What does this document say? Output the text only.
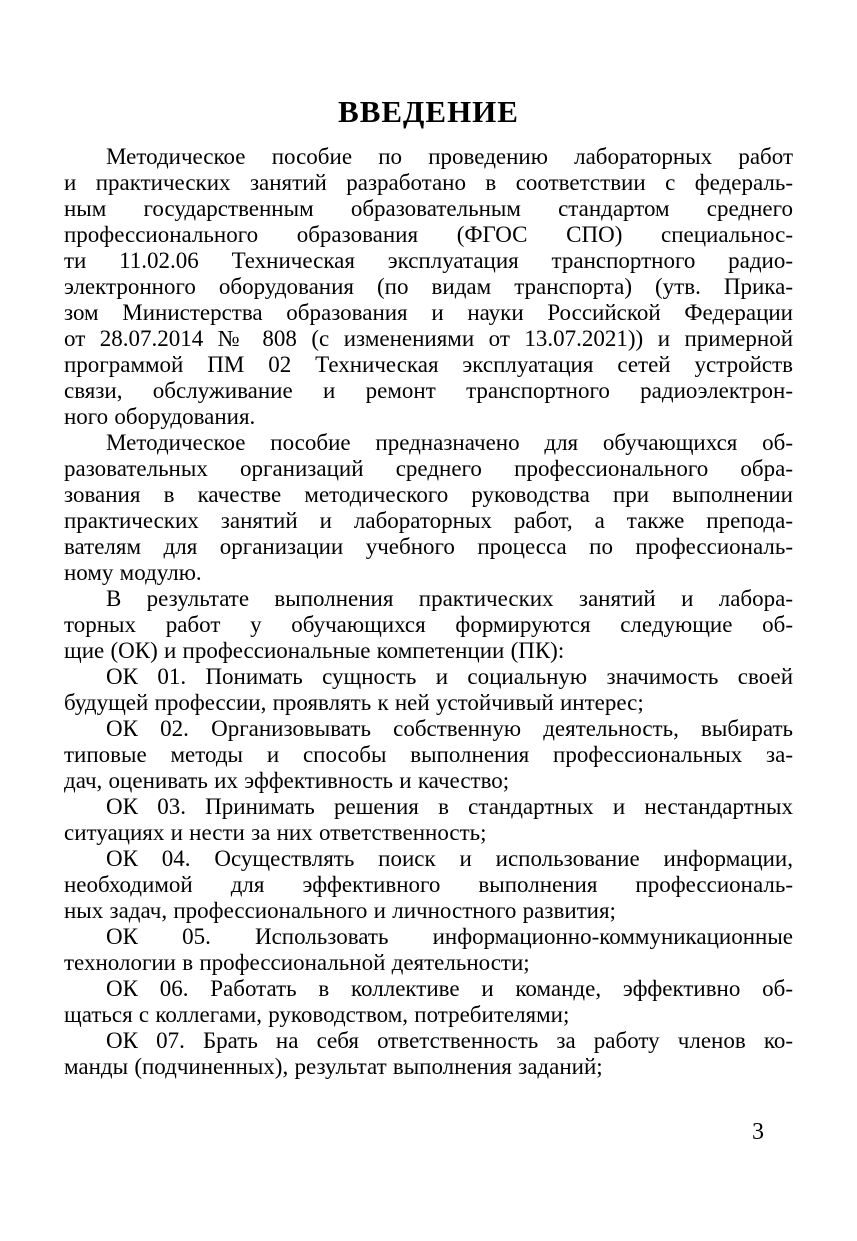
ВВЕДЕНИЕ
Методическое пособие по проведению лабораторных работ
и практических занятий разработано в соответствии с федераль-
ным государственным образовательным стандартом среднего
профессионального образования (ФГОС СПО) специальнос-
ти 11.02.06 Техническая эксплуатация транспортного радио-
электронного оборудования (по видам транспорта) (утв. Прика-
зом Министерства образования и науки Российской Федерации
от 28.07.2014 № 808 (с изменениями от 13.07.2021)) и примерной
программой ПМ 02 Техническая эксплуатация сетей устройств
связи, обслуживание и ремонт транспортного радиоэлектрон-
ного оборудования.
Методическое пособие предназначено для обучающихся об-
разовательных организаций среднего профессионального обра-
зования в качестве методического руководства при выполнении
практических занятий и лабораторных работ, а также препода-
вателям для организации учебного процесса по профессиональ-
ному модулю.
В результате выполнения практических занятий и лабора-
торных работ у обучающихся формируются следующие об-
щие (ОК) и профессиональные компетенции (ПК):
ОК 01. Понимать сущность и социальную значимость своей
будущей профессии, проявлять к ней устойчивый интерес;
ОК 02. Организовывать собственную деятельность, выбирать
типовые методы и способы выполнения профессиональных за-
дач, оценивать их эффективность и качество;
ОК 03. Принимать решения в стандартных и нестандартных
ситуациях и нести за них ответственность;
ОК 04. Осуществлять поиск и использование информации,
необходимой для эффективного выполнения профессиональ-
ных задач, профессионального и личностного развития;
ОК 05. Использовать информационно-коммуникационные
технологии в профессиональной деятельности;
ОК 06. Работать в коллективе и команде, эффективно об-
щаться с коллегами, руководством, потребителями;
ОК 07. Брать на себя ответственность за работу членов ко-
манды (подчиненных), результат выполнения заданий;
3
